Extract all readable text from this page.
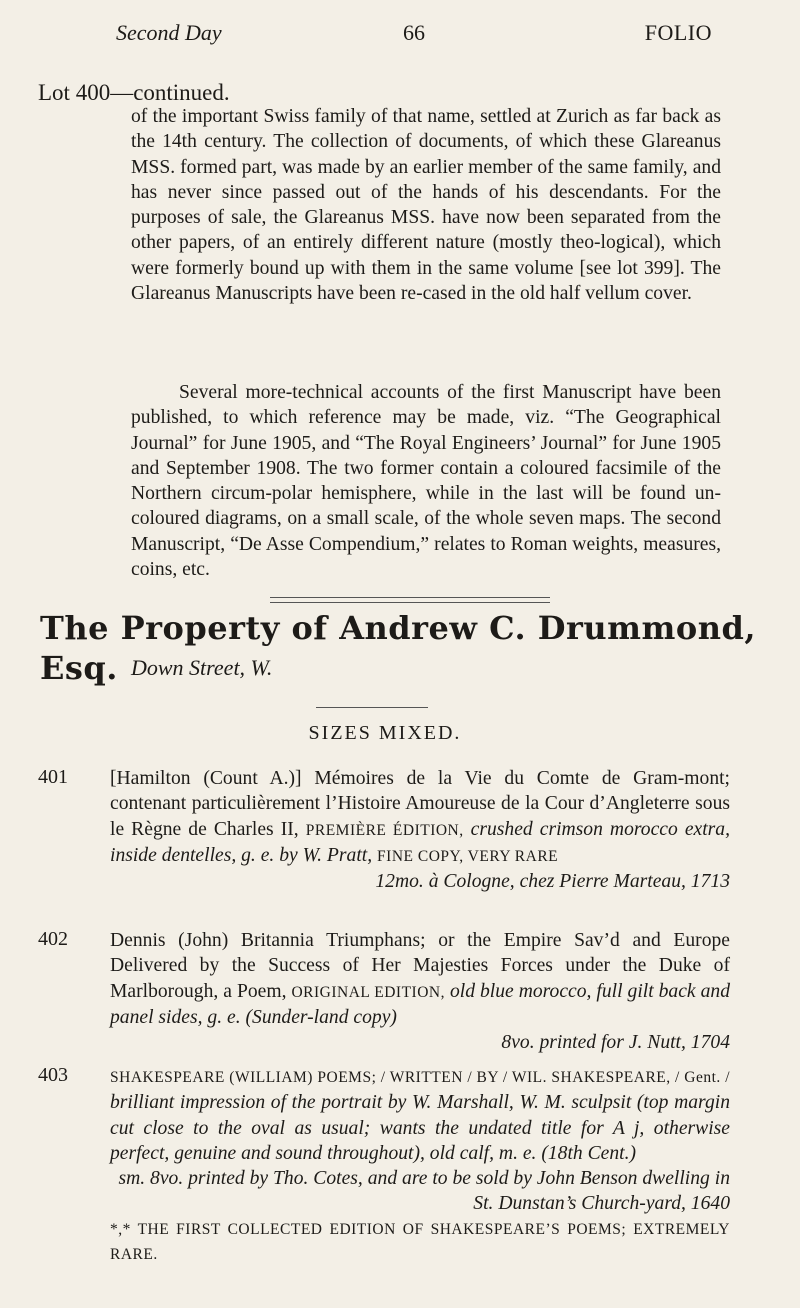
Second Day	66	FOLIO
Lot 400—continued.

of the important Swiss family of that name, settled at Zurich as far back as the 14th century. The collection of documents, of which these Glareanus MSS. formed part, was made by an earlier member of the same family, and has never since passed out of the hands of his descendants. For the purposes of sale, the Glareanus MSS. have now been separated from the other papers, of an entirely different nature (mostly theo-logical), which were formerly bound up with them in the same volume [see lot 399]. The Glareanus Manuscripts have been re-cased in the old half vellum cover.

Several more-technical accounts of the first Manuscript have been published, to which reference may be made, viz. “The Geographical Journal” for June 1905, and “The Royal Engineers’ Journal” for June 1905 and September 1908. The two former contain a coloured facsimile of the Northern circum-polar hemisphere, while in the last will be found un-coloured diagrams, on a small scale, of the whole seven maps. The second Manuscript, “De Asse Compendium,” relates to Roman weights, measures, coins, etc.

The Property of Andrew C. Drummond, Esq. Down Street, W.
SIZES MIXED.
401 [Hamilton (Count A.)] Mémoires de la Vie du Comte de Gram-mont; contenant particulièrement l’Histoire Amoureuse de la Cour d’Angleterre sous le Règne de Charles II, PREMIÈRE ÉDITION, crushed crimson morocco extra, inside dentelles, g. e. by W. Pratt, FINE COPY, VERY RARE
12mo. à Cologne, chez Pierre Marteau, 1713
402 Dennis (John) Britannia Triumphans; or the Empire Sav’d and Europe Delivered by the Success of Her Majesties Forces under the Duke of Marlborough, a Poem, ORIGINAL EDITION, old blue morocco, full gilt back and panel sides, g. e. (Sunder-land copy)
8vo. printed for J. Nutt, 1704
403	SHAKESPEARE (WILLIAM) POEMS; / WRITTEN / BY / WIL. SHAKESPEARE, / Gent. / brilliant impression of the portrait by W. Marshall, W. M. sculpsit (top margin cut close to the oval as usual; wants the undated title for A j, otherwise perfect, genuine and sound throughout), old calf, m. e. (18th Cent.)
sm. 8vo. printed by Tho. Cotes, and are to be sold by John Benson dwelling in St. Dunstan’s Church-yard, 1640
*,* THE FIRST COLLECTED EDITION OF SHAKESPEARE’S POEMS; EXTREMELY RARE.
